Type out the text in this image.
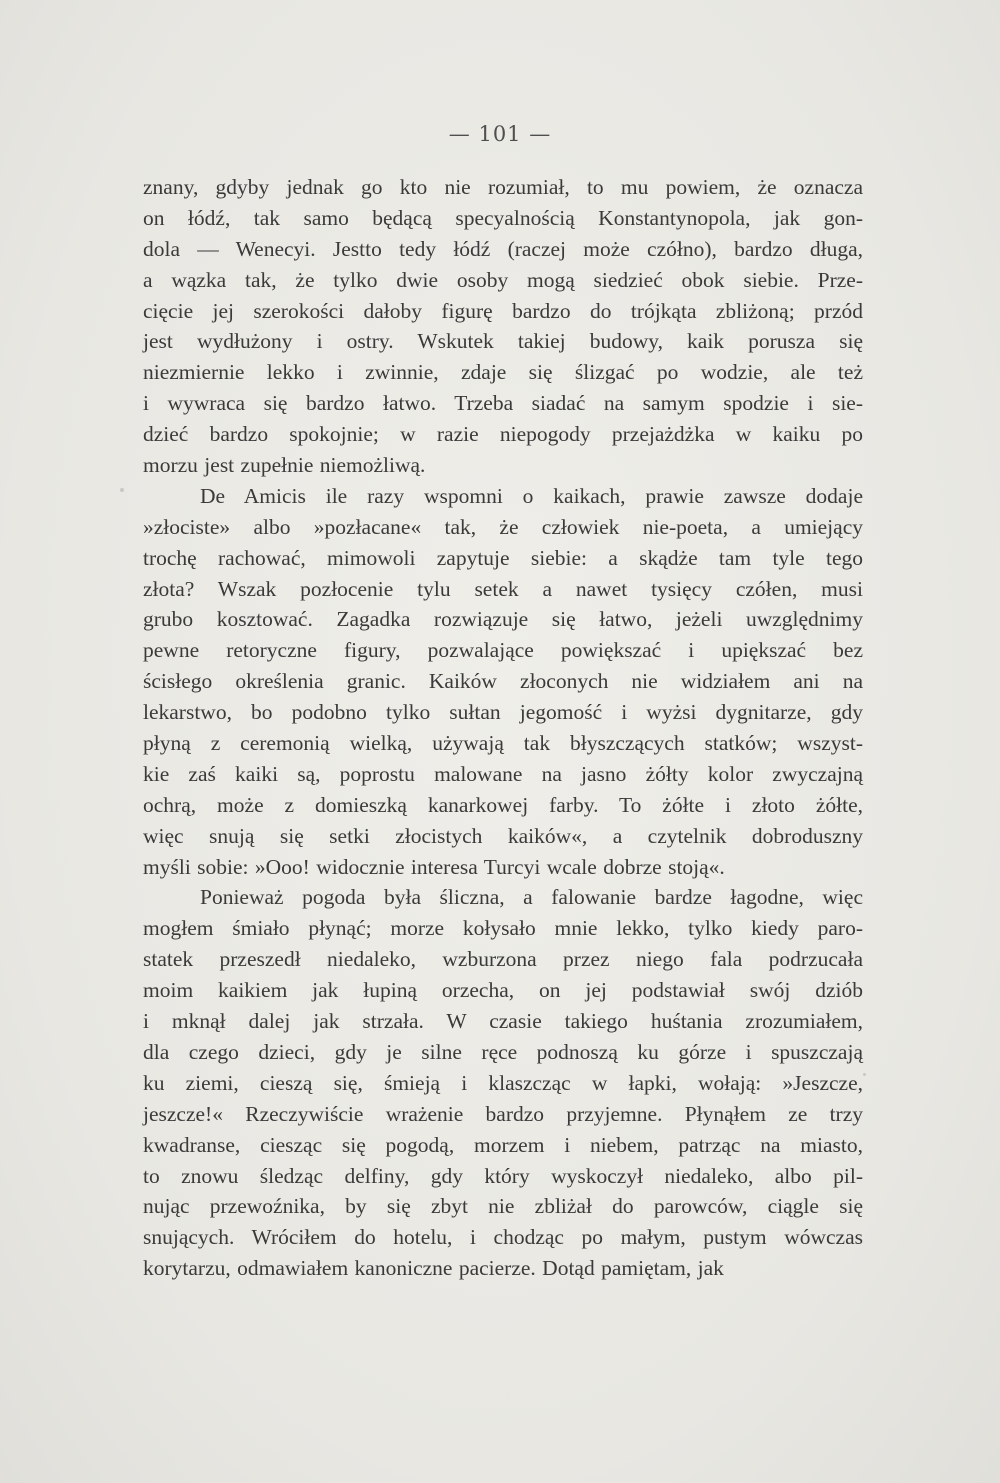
— 101 —
znany, gdyby jednak go kto nie rozumiał, to mu powiem, że oznacza
on łódź, tak samo będącą specyalnością Konstantynopola, jak gon-
dola — Wenecyi. Jestto tedy łódź (raczej może czółno), bardzo długa,
a wązka tak, że tylko dwie osoby mogą siedzieć obok siebie. Prze-
cięcie jej szerokości dałoby figurę bardzo do trójkąta zbliżoną; przód
jest wydłużony i ostry. Wskutek takiej budowy, kaik porusza się
niezmiernie lekko i zwinnie, zdaje się ślizgać po wodzie, ale też
i wywraca się bardzo łatwo. Trzeba siadać na samym spodzie i sie-
dzieć bardzo spokojnie; w razie niepogody przejażdżka w kaiku po
morzu jest zupełnie niemożliwą.
De Amicis ile razy wspomni o kaikach, prawie zawsze dodaje
»złociste» albo »pozłacane« tak, że człowiek nie-poeta, a umiejący
trochę rachować, mimowoli zapytuje siebie: a skądże tam tyle tego
złota? Wszak pozłocenie tylu setek a nawet tysięcy czółen, musi
grubo kosztować. Zagadka rozwiązuje się łatwo, jeżeli uwzględnimy
pewne retoryczne figury, pozwalające powiększać i upiększać bez
ścisłego określenia granic. Kaików złoconych nie widziałem ani na
lekarstwo, bo podobno tylko sułtan jegomość i wyżsi dygnitarze, gdy
płyną z ceremonią wielką, używają tak błyszczących statków; wszyst-
kie zaś kaiki są, poprostu malowane na jasno żółty kolor zwyczajną
ochrą, może z domieszką kanarkowej farby. To żółte i złoto żółte,
więc snują się setki złocistych kaików«, a czytelnik dobroduszny
myśli sobie: »Ooo! widocznie interesa Turcyi wcale dobrze stoją«.
Ponieważ pogoda była śliczna, a falowanie bardze łagodne, więc
mogłem śmiało płynąć; morze kołysało mnie lekko, tylko kiedy paro-
statek przeszedł niedaleko, wzburzona przez niego fala podrzucała
moim kaikiem jak łupiną orzecha, on jej podstawiał swój dziób
i mknął dalej jak strzała. W czasie takiego huśtania zrozumiałem,
dla czego dzieci, gdy je silne ręce podnoszą ku górze i spuszczają
ku ziemi, cieszą się, śmieją i klaszcząc w łapki, wołają: »Jeszcze,
jeszcze!« Rzeczywiście wrażenie bardzo przyjemne. Płynąłem ze trzy
kwadranse, ciesząc się pogodą, morzem i niebem, patrząc na miasto,
to znowu śledząc delfiny, gdy który wyskoczył niedaleko, albo pil-
nując przewoźnika, by się zbyt nie zbliżał do parowców, ciągle się
snujących. Wróciłem do hotelu, i chodząc po małym, pustym wówczas
korytarzu, odmawiałem kanoniczne pacierze. Dotąd pamiętam, jak
